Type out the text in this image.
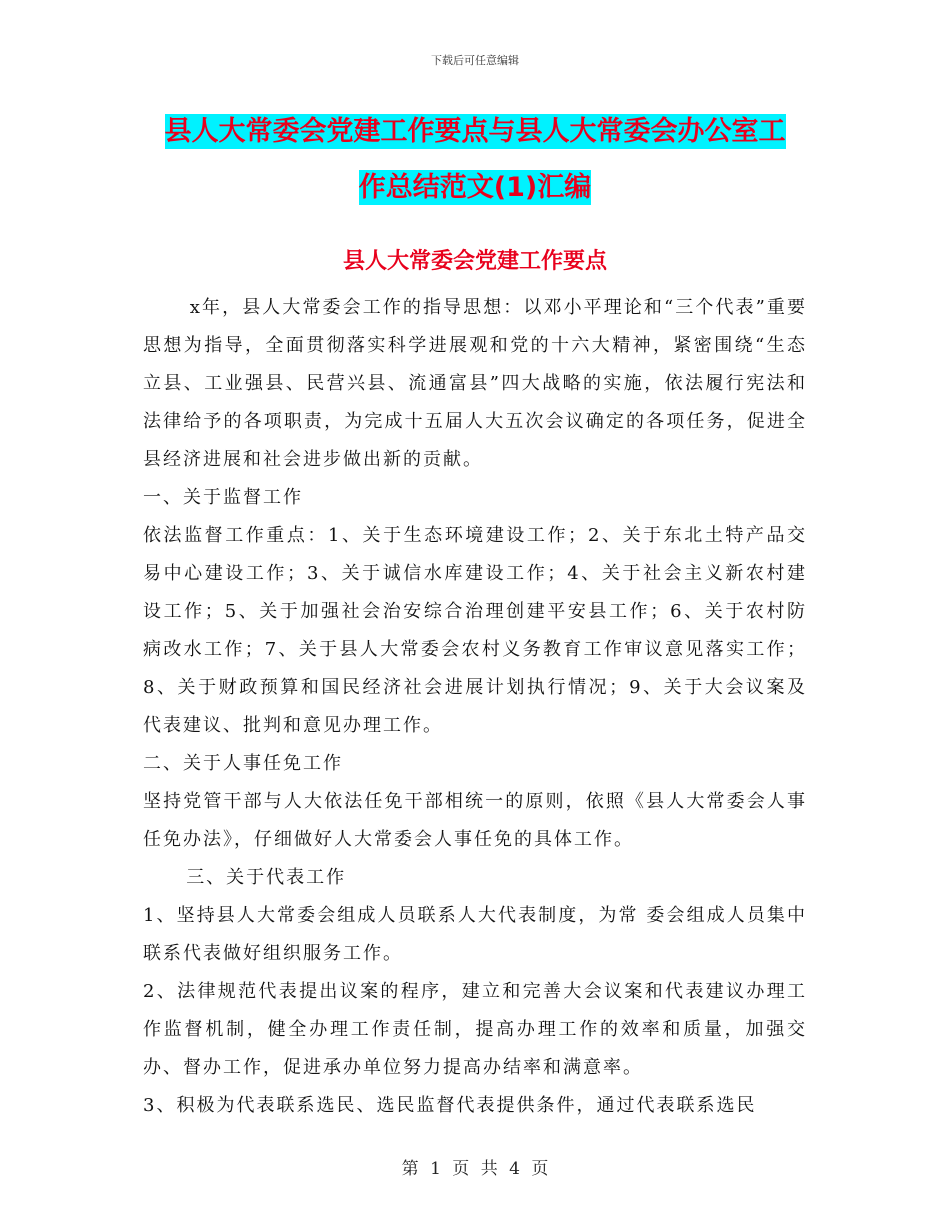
下载后可任意编辑
县人大常委会党建工作要点与县人大常委会办公室工
作总结范文(1)汇编
县人大常委会党建工作要点

x年，县人大常委会工作的指导思想：以邓小平理论和“三个代表”重要思想为指导，全面贯彻落实科学进展观和党的十六大精神，紧密围绕“生态立县、工业强县、民营兴县、流通富县”四大战略的实施，依法履行宪法和法律给予的各项职责，为完成十五届人大五次会议确定的各项任务，促进全县经济进展和社会进步做出新的贡献。

一、关于监督工作

依法监督工作重点：1、关于生态环境建设工作；2、关于东北土特产品交易中心建设工作；3、关于诚信水库建设工作；4、关于社会主义新农村建设工作；5、关于加强社会治安综合治理创建平安县工作；6、关于农村防病改水工作；7、关于县人大常委会农村义务教育工作审议意见落实工作；8、关于财政预算和国民经济社会进展计划执行情况；9、关于大会议案及代表建议、批判和意见办理工作。

二、关于人事任免工作

坚持党管干部与人大依法任免干部相统一的原则，依照《县人大常委会人事任免办法》，仔细做好人大常委会人事任免的具体工作。

三、关于代表工作

1、坚持县人大常委会组成人员联系人大代表制度，为常 委会组成人员集中联系代表做好组织服务工作。

2、法律规范代表提出议案的程序，建立和完善大会议案和代表建议办理工作监督机制，健全办理工作责任制，提高办理工作的效率和质量，加强交办、督办工作，促进承办单位努力提高办结率和满意率。

3、积极为代表联系选民、选民监督代表提供条件，通过代表联系选民

第 1 页 共 4 页
